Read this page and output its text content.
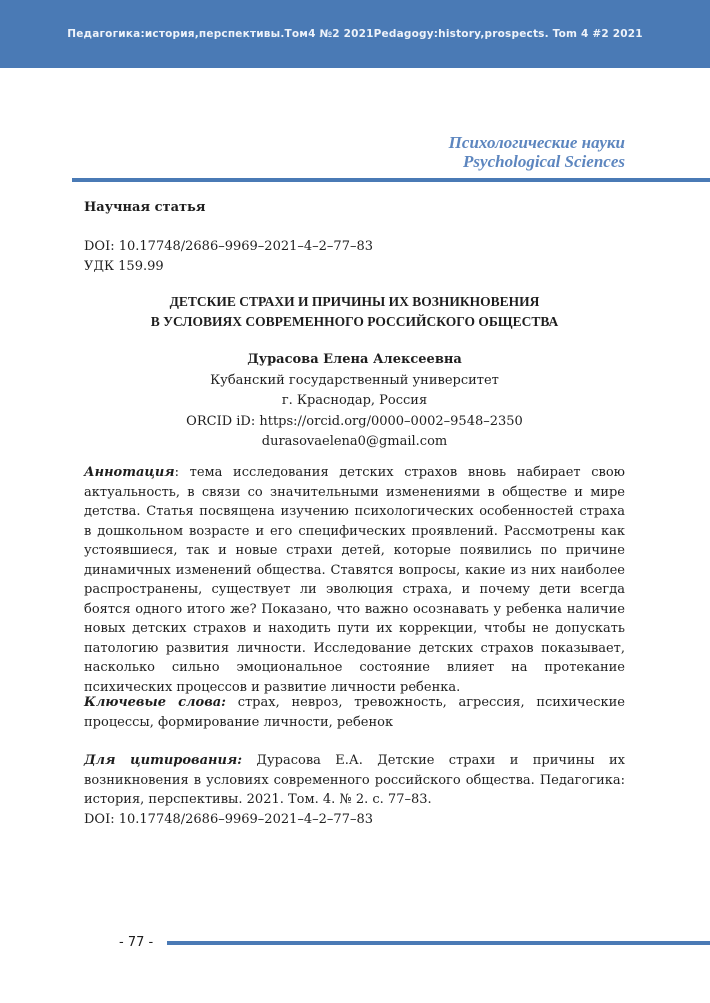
Педагогика:история,перспективы.Том4 №2 2021Pedagogy:history,prospects. Tom 4 #2 2021
Психологические науки
Psychological Sciences
Научная статья
DOI: 10.17748/2686–9969–2021–4–2–77–83
УДК 159.99
ДЕТСКИЕ СТРАХИ И ПРИЧИНЫ ИХ ВОЗНИКНОВЕНИЯ
В УСЛОВИЯХ СОВРЕМЕННОГО РОССИЙСКОГО ОБЩЕСТВА
Дурасова Елена Алексеевна
Кубанский государственный университет
г. Краснодар, Россия
ORCID iD: https://orcid.org/0000–0002–9548–2350
durasovaelena0@gmail.com
Аннотация: тема исследования детских страхов вновь набирает свою актуальность, в связи со значительными изменениями в обществе и мире детства. Статья посвящена изучению психологических особенностей страха в дошкольном возрасте и его специфических проявлений. Рассмотрены как устоявшиеся, так и новые страхи детей, которые появились по причине динамичных изменений общества. Ставятся вопросы, какие из них наиболее распространены, существует ли эволюция страха, и почему дети всегда боятся одного итого же? Показано, что важно осознавать у ребенка наличие новых детских страхов и находить пути их коррекции, чтобы не допускать патологию развития личности. Исследование детских страхов показывает, насколько сильно эмоциональное состояние влияет на протекание психических процессов и развитие личности ребенка.
Ключевые слова: страх, невроз, тревожность, агрессия, психические процессы, формирование личности, ребенок
Для цитирования: Дурасова Е.А. Детские страхи и причины их возникновения в условиях современного российского общества. Педагогика: история, перспективы. 2021. Том. 4. № 2. с. 77–83.
DOI: 10.17748/2686–9969–2021–4–2–77–83
- 77 -
